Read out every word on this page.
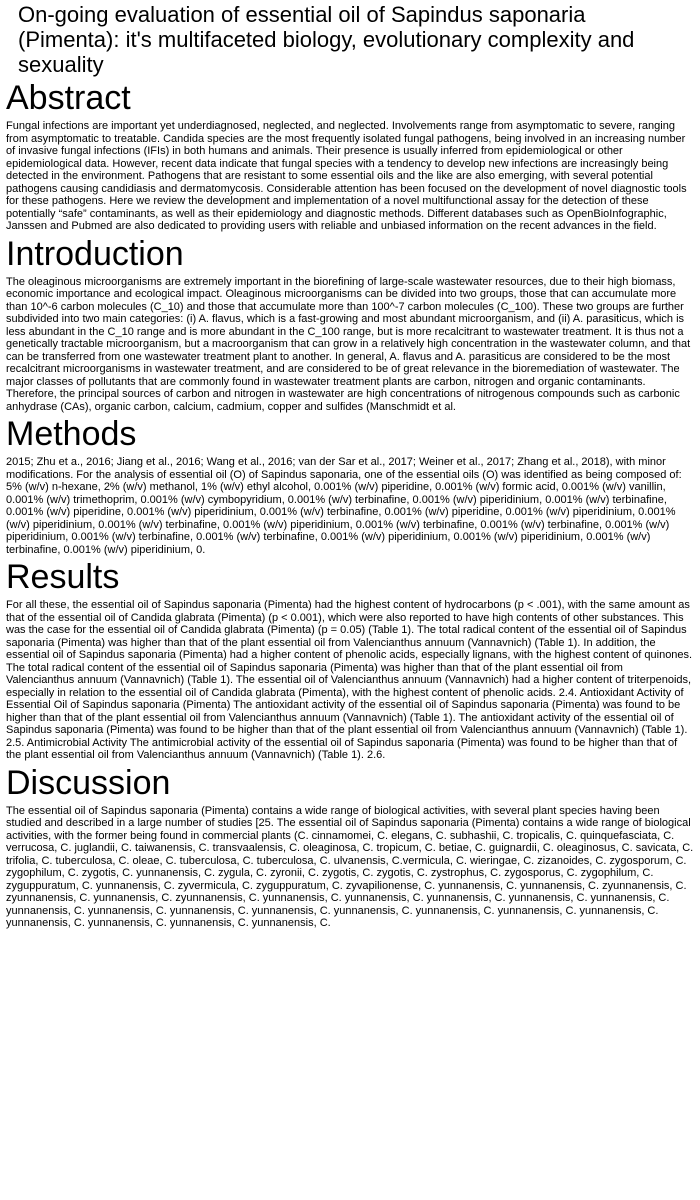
On-going evaluation of essential oil of Sapindus saponaria (Pimenta): it's multifaceted biology, evolutionary complexity and sexuality
Abstract

Fungal infections are important yet underdiagnosed, neglected, and neglected. Involvements range from asymptomatic to severe, ranging from asymptomatic to treatable. Candida species are the most frequently isolated fungal pathogens, being involved in an increasing number of invasive fungal infections (IFIs) in both humans and animals. Their presence is usually inferred from epidemiological or other epidemiological data. However, recent data indicate that fungal species with a tendency to develop new infections are increasingly being detected in the environment. Pathogens that are resistant to some essential oils and the like are also emerging, with several potential pathogens causing candidiasis and dermatomycosis. Considerable attention has been focused on the development of novel diagnostic tools for these pathogens. Here we review the development and implementation of a novel multifunctional assay for the detection of these potentially “safe” contaminants, as well as their epidemiology and diagnostic methods. Different databases such as OpenBioInfographic, Janssen and Pubmed are also dedicated to providing users with reliable and unbiased information on the recent advances in the field.

Introduction

The oleaginous microorganisms are extremely important in the biorefining of large-scale wastewater resources, due to their high biomass, economic importance and ecological impact. Oleaginous microorganisms can be divided into two groups, those that can accumulate more than 10^-6 carbon molecules (C_10) and those that accumulate more than 100^-7 carbon molecules (C_100). These two groups are further subdivided into two main categories: (i) A. flavus, which is a fast-growing and most abundant microorganism, and (ii) A. parasiticus, which is less abundant in the C_10 range and is more abundant in the C_100 range, but is more recalcitrant to wastewater treatment. It is thus not a genetically tractable microorganism, but a macroorganism that can grow in a relatively high concentration in the wastewater column, and that can be transferred from one wastewater treatment plant to another. In general, A. flavus and A. parasiticus are considered to be the most recalcitrant microorganisms in wastewater treatment, and are considered to be of great relevance in the bioremediation of wastewater. The major classes of pollutants that are commonly found in wastewater treatment plants are carbon, nitrogen and organic contaminants. Therefore, the principal sources of carbon and nitrogen in wastewater are high concentrations of nitrogenous compounds such as carbonic anhydrase (CAs), organic carbon, calcium, cadmium, copper and sulfides (Manschmidt et al.

Methods

2015; Zhu et a., 2016; Jiang et al., 2016; Wang et al., 2016; van der Sar et al., 2017; Weiner et al., 2017; Zhang et al., 2018), with minor modifications. For the analysis of essential oil (O) of Sapindus saponaria, one of the essential oils (O) was identified as being composed of: 5% (w/v) n-hexane, 2% (w/v) methanol, 1% (w/v) ethyl alcohol, 0.001% (w/v) piperidine, 0.001% (w/v) formic acid, 0.001% (w/v) vanillin, 0.001% (w/v) trimethoprim, 0.001% (w/v) cymbopyridium, 0.001% (w/v) terbinafine, 0.001% (w/v) piperidinium, 0.001% (w/v) terbinafine, 0.001% (w/v) piperidine, 0.001% (w/v) piperidinium, 0.001% (w/v) terbinafine, 0.001% (w/v) piperidine, 0.001% (w/v) piperidinium, 0.001% (w/v) piperidinium, 0.001% (w/v) terbinafine, 0.001% (w/v) piperidinium, 0.001% (w/v) terbinafine, 0.001% (w/v) terbinafine, 0.001% (w/v) piperidinium, 0.001% (w/v) terbinafine, 0.001% (w/v) terbinafine, 0.001% (w/v) piperidinium, 0.001% (w/v) piperidinium, 0.001% (w/v) terbinafine, 0.001% (w/v) piperidinium, 0.

Results

For all these, the essential oil of Sapindus saponaria (Pimenta) had the highest content of hydrocarbons (p < .001), with the same amount as that of the essential oil of Candida glabrata (Pimenta) (p < 0.001), which were also reported to have high contents of other substances. This was the case for the essential oil of Candida glabrata (Pimenta) (p = 0.05) (Table 1). The total radical content of the essential oil of Sapindus saponaria (Pimenta) was higher than that of the plant essential oil from Valencianthus annuum (Vannavnich) (Table 1). In addition, the essential oil of Sapindus saponaria (Pimenta) had a higher content of phenolic acids, especially lignans, with the highest content of quinones. The total radical content of the essential oil of Sapindus saponaria (Pimenta) was higher than that of the plant essential oil from Valencianthus annuum (Vannavnich) (Table 1). The essential oil of Valencianthus annuum (Vannavnich) had a higher content of triterpenoids, especially in relation to the essential oil of Candida glabrata (Pimenta), with the highest content of phenolic acids. 2.4. Antioxidant Activity of Essential Oil of Sapindus saponaria (Pimenta) The antioxidant activity of the essential oil of Sapindus saponaria (Pimenta) was found to be higher than that of the plant essential oil from Valencianthus annuum (Vannavnich) (Table 1). The antioxidant activity of the essential oil of Sapindus saponaria (Pimenta) was found to be higher than that of the plant essential oil from Valencianthus annuum (Vannavnich) (Table 1). 2.5. Antimicrobial Activity The antimicrobial activity of the essential oil of Sapindus saponaria (Pimenta) was found to be higher than that of the plant essential oil from Valencianthus annuum (Vannavnich) (Table 1). 2.6.

Discussion

The essential oil of Sapindus saponaria (Pimenta) contains a wide range of biological activities, with several plant species having been studied and described in a large number of studies [25. The essential oil of Sapindus saponaria (Pimenta) contains a wide range of biological activities, with the former being found in commercial plants (C. cinnamomei, C. elegans, C. subhashii, C. tropicalis, C. quinquefasciata, C. verrucosa, C. juglandii, C. taiwanensis, C. transvaalensis, C. oleaginosa, C. tropicum, C. betiae, C. guignardii, C. oleaginosus, C. savicata, C. trifolia, C. tuberculosa, C. oleae, C. tuberculosa, C. tuberculosa, C. ulvanensis, C.vermicula, C. wieringae, C. zizanoides, C. zygosporum, C. zygophilum, C. zygotis, C. yunnanensis, C. zygula, C. zyronii, C. zygotis, C. zygotis, C. zystrophus, C. zygosporus, C. zygophilum, C. zyguppuratum, C. yunnanensis, C. zyvermicula, C. zyguppuratum, C. zyvapilionense, C. yunnanensis, C. yunnanensis, C. zyunnanensis, C. zyunnanensis, C. yunnanensis, C. zyunnanensis, C. yunnanensis, C. yunnanensis, C. yunnanensis, C. yunnanensis, C. yunnanensis, C. yunnanensis, C. yunnanensis, C. yunnanensis, C. yunnanensis, C. yunnanensis, C. yunnanensis, C. yunnanensis, C. yunnanensis, C. yunnanensis, C. yunnanensis, C. yunnanensis, C. yunnanensis, C.
